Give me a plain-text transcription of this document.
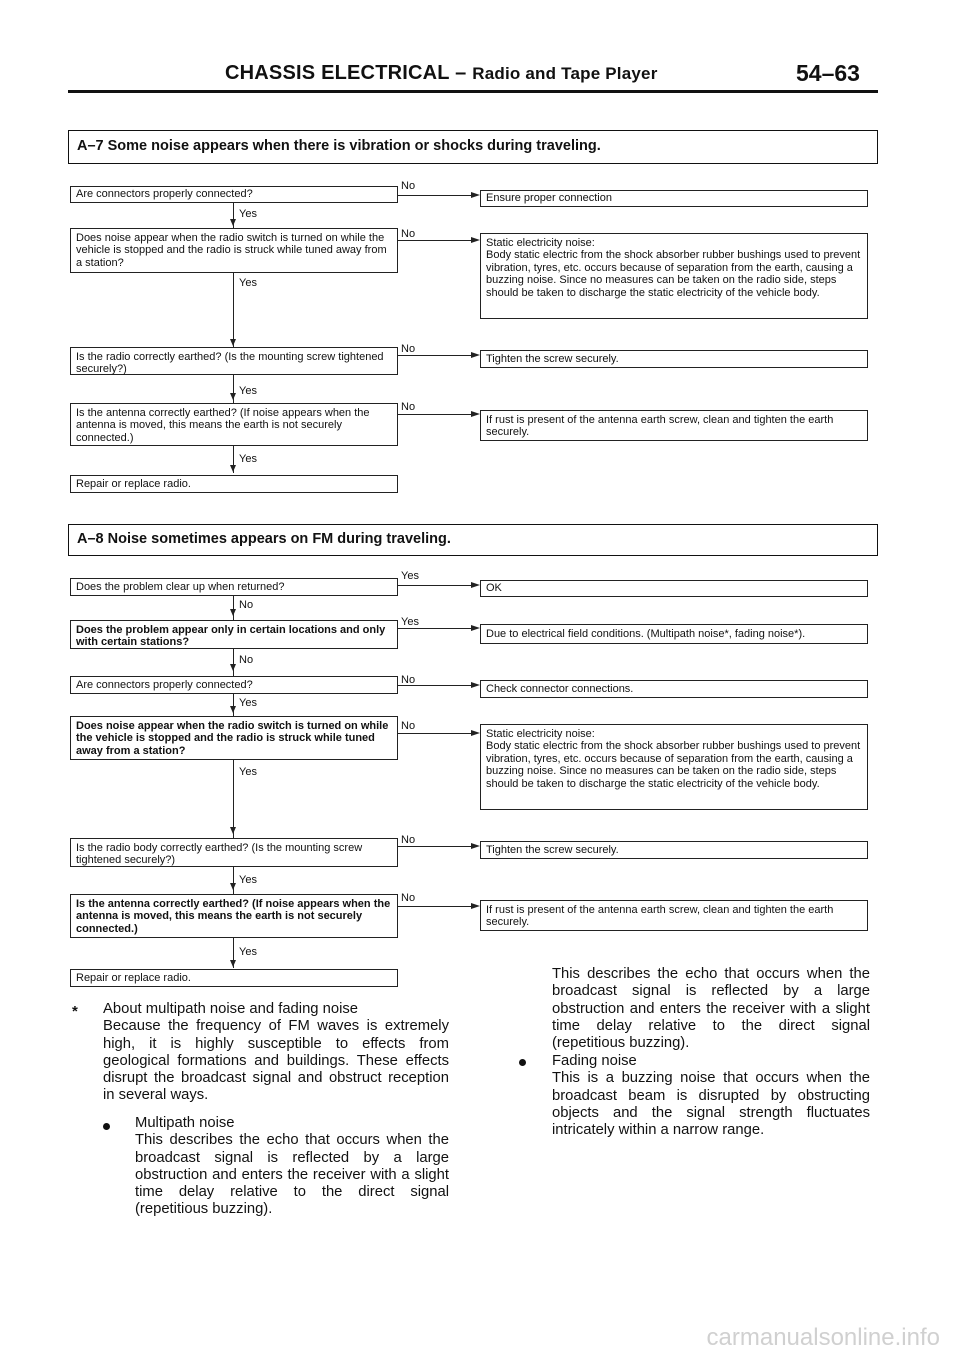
CHASSIS ELECTRICAL – Radio and Tape Player	54–63
A–7 Some noise appears when there is vibration or shocks during traveling.
Are connectors properly connected?
No
Ensure proper connection
Yes
Does noise appear when the radio switch is turned on while the vehicle is stopped and the radio is struck while tuned away from a station?
No
Static electricity noise:
Body static electric from the shock absorber rubber bushings used to prevent vibration, tyres, etc. occurs because of separation from the earth, causing a buzzing noise. Since no measures can be taken on the radio side, steps should be taken to discharge the static electricity of the vehicle body.
Yes
Is the radio correctly earthed? (Is the mounting screw tightened securely?)
No
Tighten the screw securely.
Yes
Is the antenna correctly earthed? (If noise appears when the antenna is moved, this means the earth is not securely connected.)
No
If rust is present of the antenna earth screw, clean and tighten the earth securely.
Yes
Repair or replace radio.
A–8 Noise sometimes appears on FM during traveling.
Does the problem clear up when returned?
Yes
OK
No
Does the problem appear only in certain locations and only with certain stations?
Yes
Due to electrical field conditions. (Multipath noise*, fading noise*).
No
Are connectors properly connected?	No
Check connector connections.
Yes
Does noise appear when the radio switch is turned on while the vehicle is stopped and the radio is struck while tuned away from a station?
No
Static electricity noise:
Body static electric from the shock absorber rubber bushings used to prevent vibration, tyres, etc. occurs because of separation from the earth, causing a buzzing noise. Since no measures can be taken on the radio side, steps should be taken to discharge the static electricity of the vehicle body.
Yes
Is the radio body correctly earthed? (Is the mounting screw tightened securely?)
No
Tighten the screw securely.
Yes
Is the antenna correctly earthed? (If noise appears when the antenna is moved, this means the earth is not securely connected.)
No
If rust is present of the antenna earth screw, clean and tighten the earth securely.
Yes
Repair or replace radio.
* About multipath noise and fading noise

Because the frequency of FM waves is extremely high, it is highly susceptible to effects from geological formations and buildings. These effects disrupt the broadcast signal and obstruct reception in several ways.

Multipath noise

This describes the echo that occurs when the broadcast signal is reflected by a large obstruction and enters the receiver with a slight time delay relative to the direct signal (repetitious buzzing).

This describes the echo that occurs when the broadcast signal is reflected by a large obstruction and enters the receiver with a slight time delay relative to the direct signal (repetitious buzzing).

Fading noise

This is a buzzing noise that occurs when the broadcast beam is disrupted by obstructing objects and the signal strength fluctuates intricately within a narrow range.

carmanualsonline.info
